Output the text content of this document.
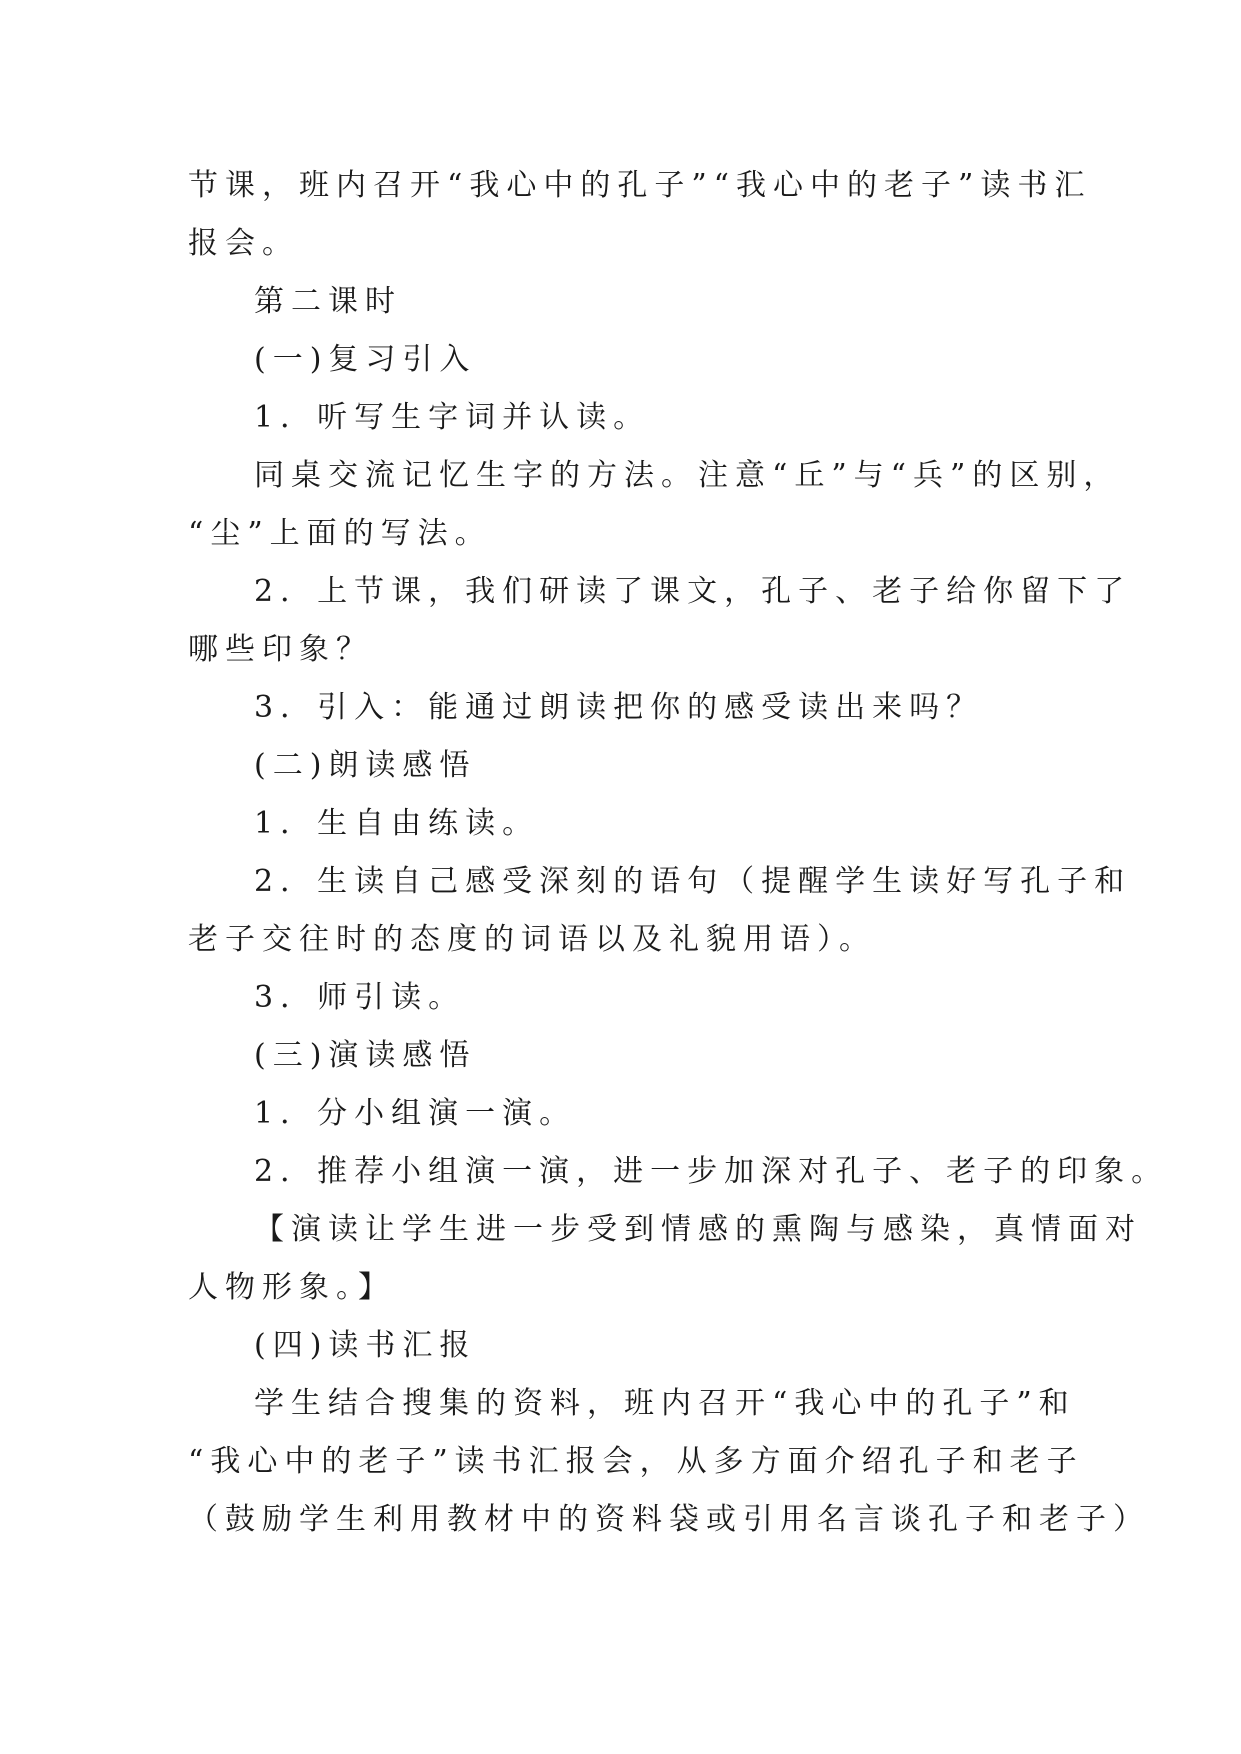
节课，班内召开“我心中的孔子”“我心中的老子”读书汇
报会。
第二课时
(一)复习引入
1．听写生字词并认读。
同桌交流记忆生字的方法。注意“丘”与“兵”的区别，
“尘”上面的写法。
2．上节课，我们研读了课文，孔子、老子给你留下了
哪些印象？
3．引入：能通过朗读把你的感受读出来吗？
(二)朗读感悟
1．生自由练读。
2．生读自己感受深刻的语句（提醒学生读好写孔子和
老子交往时的态度的词语以及礼貌用语）。
3．师引读。
(三)演读感悟
1．分小组演一演。
2．推荐小组演一演，进一步加深对孔子、老子的印象。
【演读让学生进一步受到情感的熏陶与感染，真情面对
人物形象。】
(四)读书汇报
学生结合搜集的资料，班内召开“我心中的孔子”和
“我心中的老子”读书汇报会，从多方面介绍孔子和老子
（鼓励学生利用教材中的资料袋或引用名言谈孔子和老子）
